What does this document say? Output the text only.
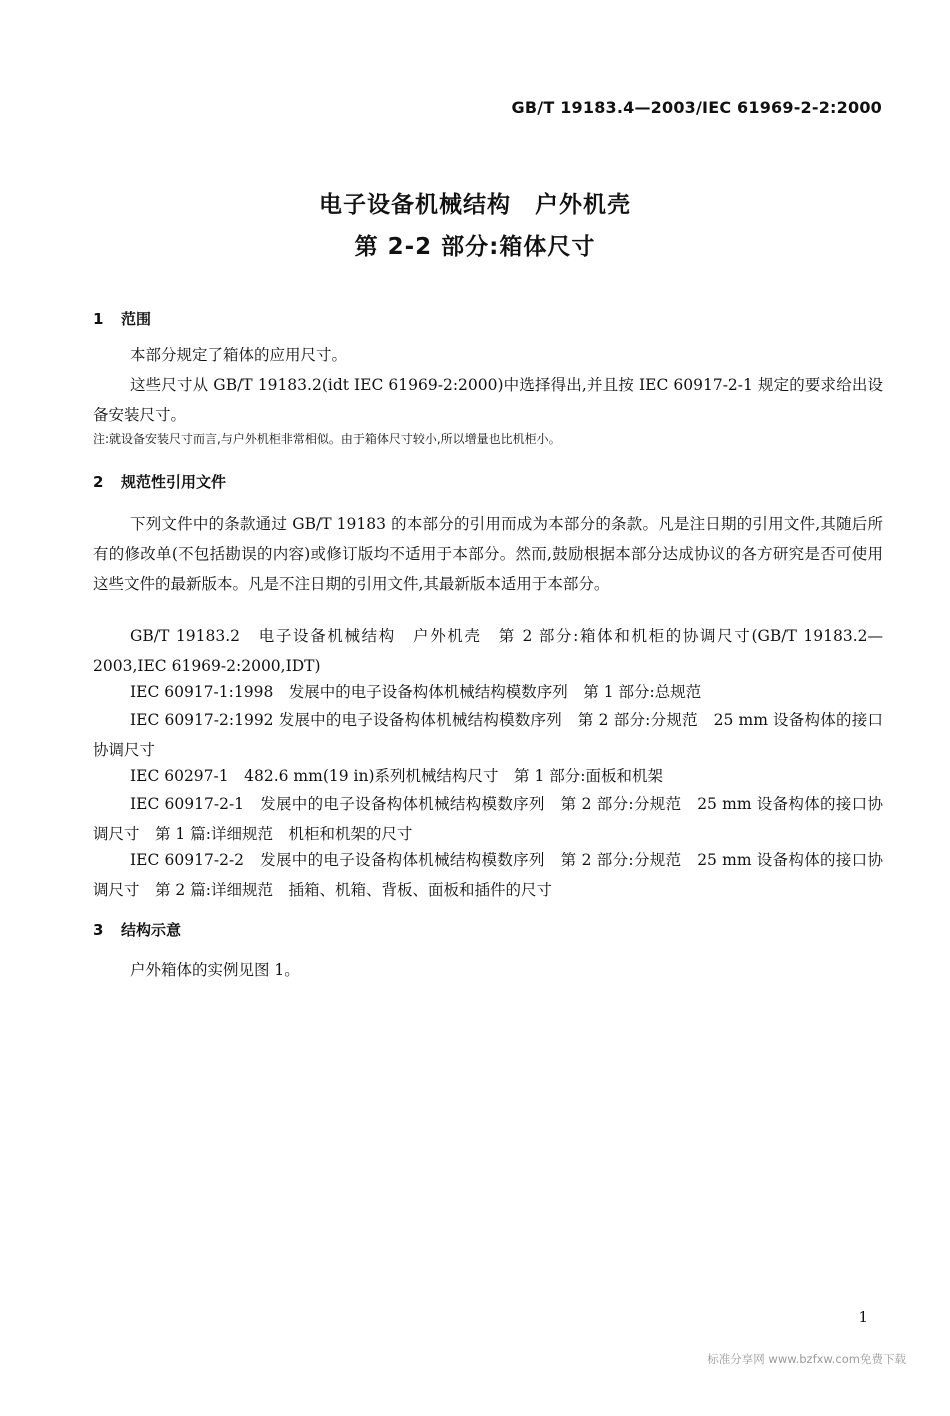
GB/T 19183.4—2003/IEC 61969-2-2:2000
电子设备机械结构　户外机壳
第 2-2 部分:箱体尺寸
1 范围
本部分规定了箱体的应用尺寸。
这些尺寸从 GB/T 19183.2(idt IEC 61969-2:2000)中选择得出,并且按 IEC 60917-2-1 规定的要求给出设备安装尺寸。
注:就设备安装尺寸而言,与户外机柜非常相似。由于箱体尺寸较小,所以增量也比机柜小。
2 规范性引用文件
下列文件中的条款通过 GB/T 19183 的本部分的引用而成为本部分的条款。凡是注日期的引用文件,其随后所有的修改单(不包括勘误的内容)或修订版均不适用于本部分。然而,鼓励根据本部分达成协议的各方研究是否可使用这些文件的最新版本。凡是不注日期的引用文件,其最新版本适用于本部分。
GB/T 19183.2　电子设备机械结构　户外机壳　第 2 部分:箱体和机柜的协调尺寸(GB/T 19183.2—2003,IEC 61969-2:2000,IDT)
IEC 60917-1:1998　发展中的电子设备构体机械结构模数序列　第 1 部分:总规范
IEC 60917-2:1992 发展中的电子设备构体机械结构模数序列　第 2 部分:分规范　25 mm 设备构体的接口协调尺寸
IEC 60297-1　482.6 mm(19 in)系列机械结构尺寸　第 1 部分:面板和机架
IEC 60917-2-1　发展中的电子设备构体机械结构模数序列　第 2 部分:分规范　25 mm 设备构体的接口协调尺寸　第 1 篇:详细规范　机柜和机架的尺寸
IEC 60917-2-2　发展中的电子设备构体机械结构模数序列　第 2 部分:分规范　25 mm 设备构体的接口协调尺寸　第 2 篇:详细规范　插箱、机箱、背板、面板和插件的尺寸
3 结构示意
户外箱体的实例见图 1。
1
标准分享网 www.bzfxw.com免费下载
